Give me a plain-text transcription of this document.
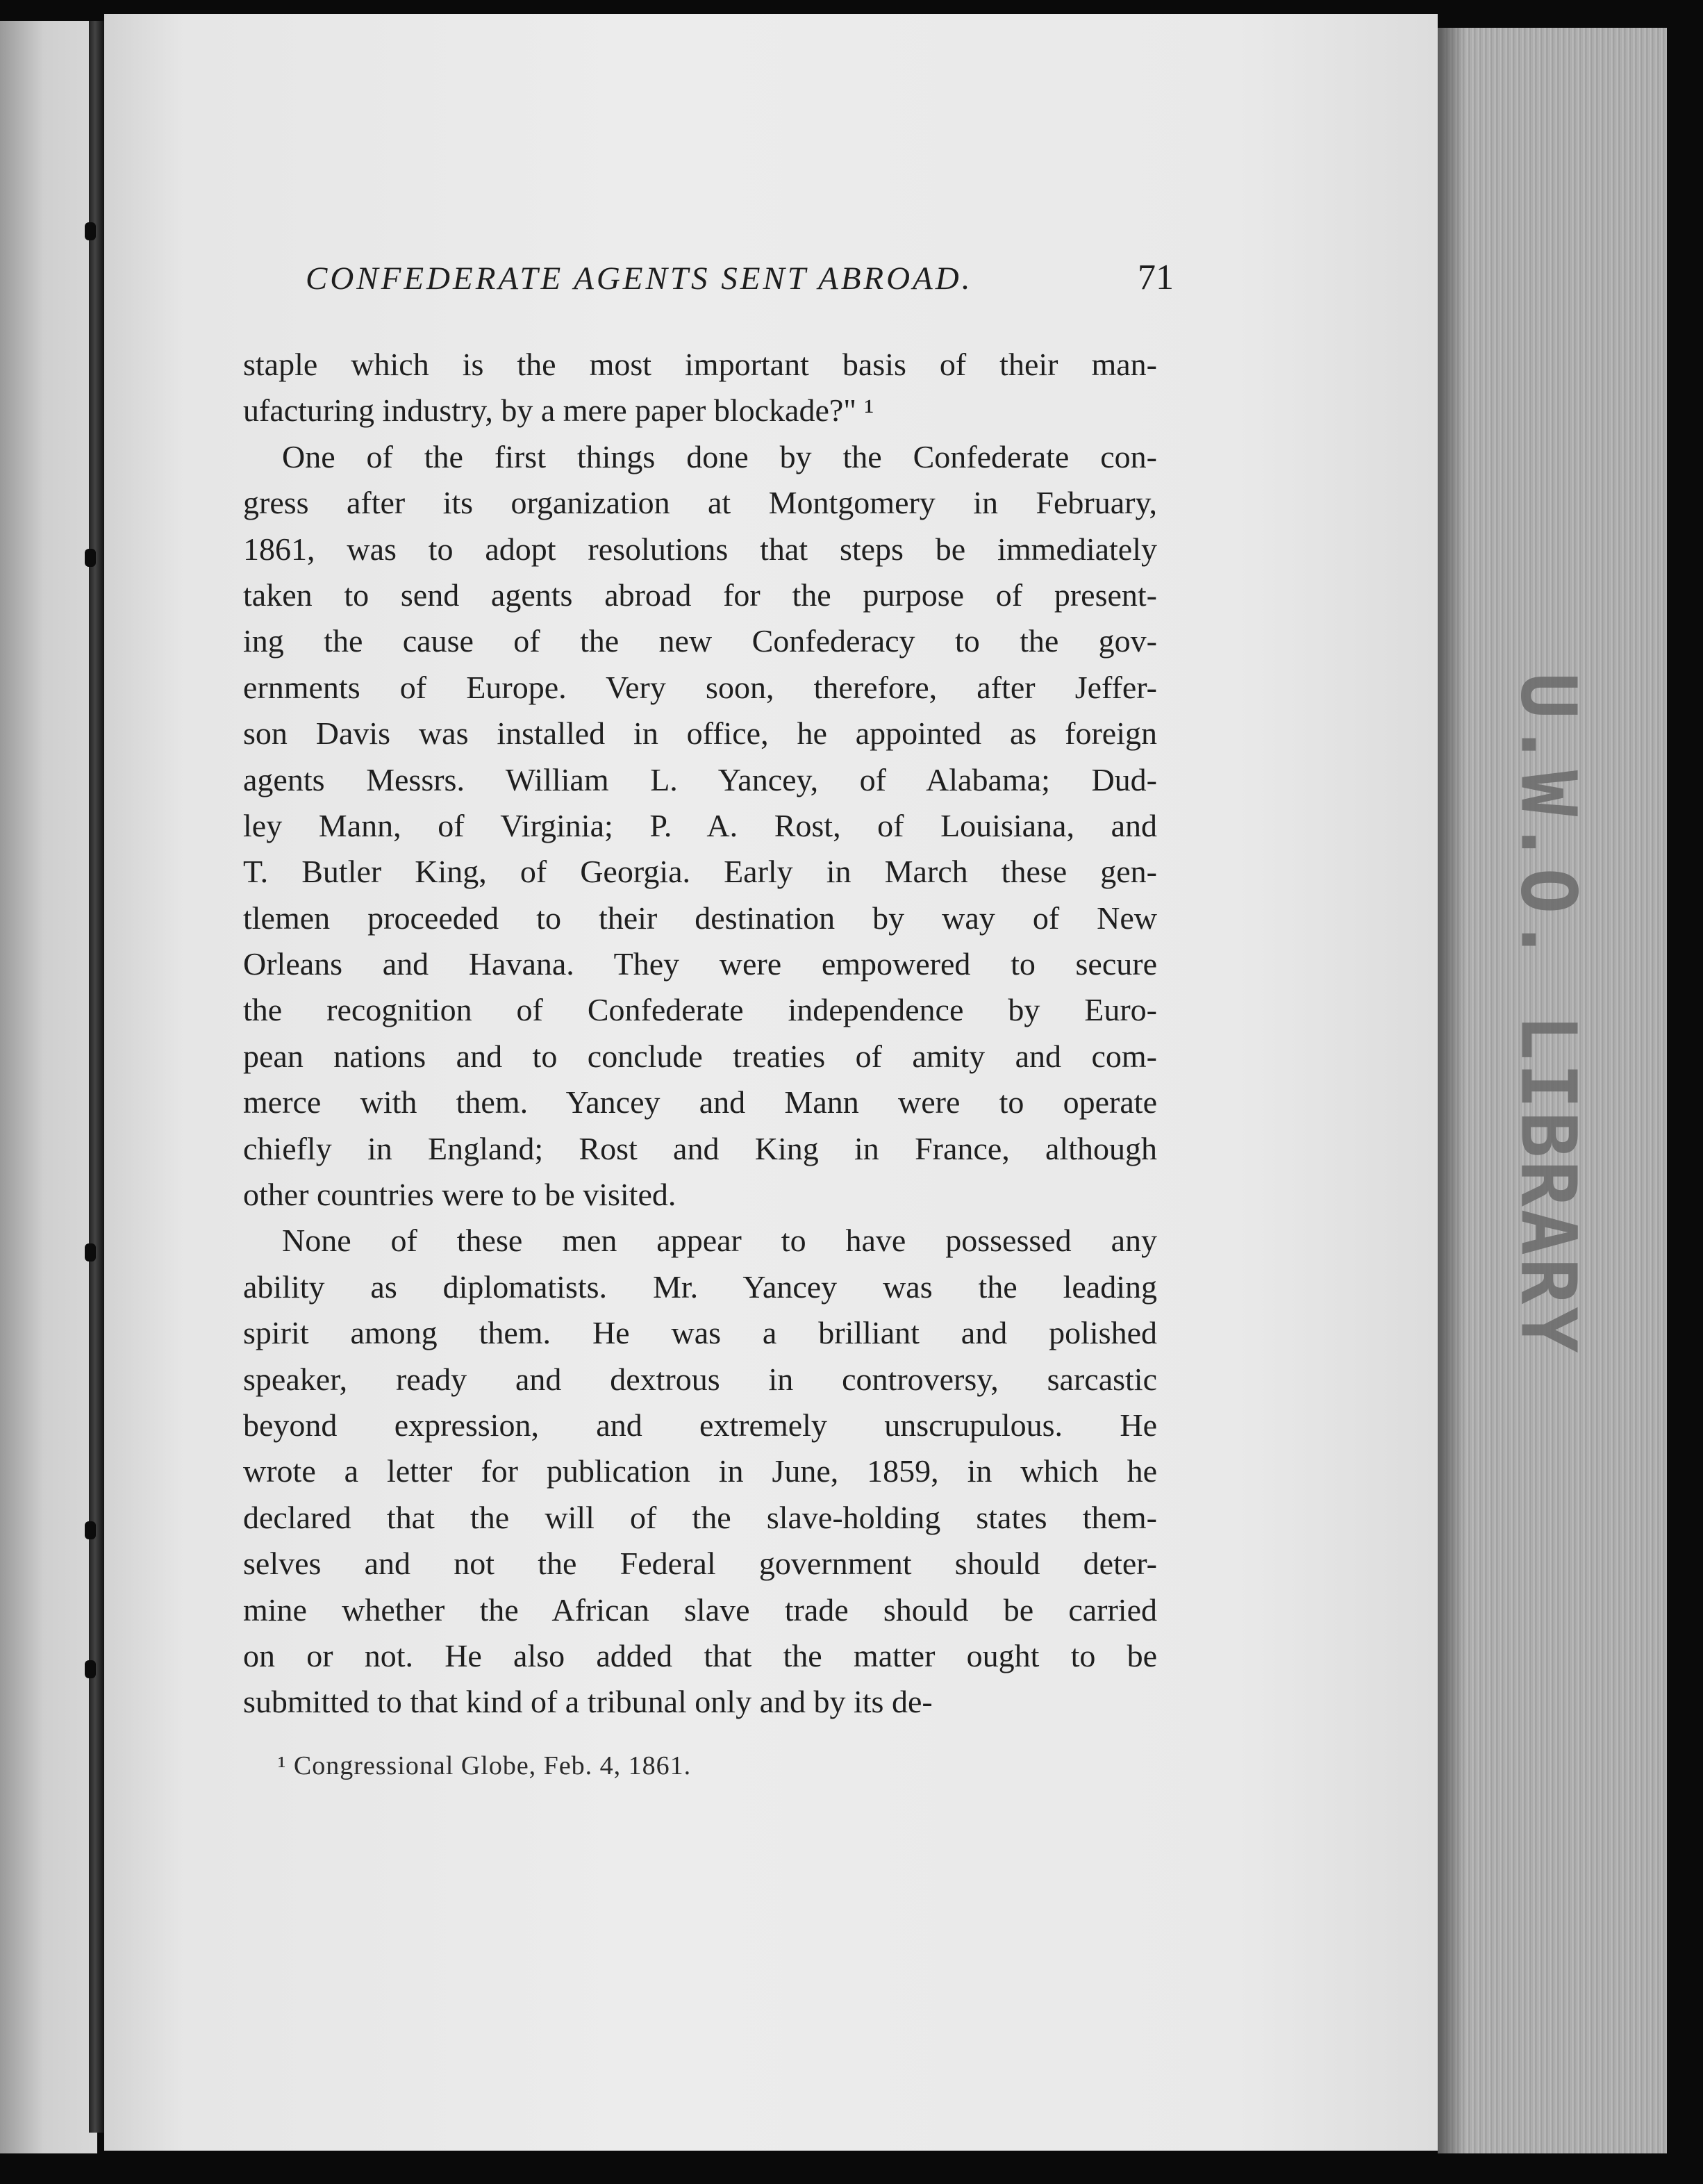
U.W.O. LIBRARY
CONFEDERATE AGENTS SENT ABROAD.	71
staple which is the most important basis of their man-
ufacturing industry, by a mere paper blockade?" ¹
One of the first things done by the Confederate con-
gress after its organization at Montgomery in February,
1861, was to adopt resolutions that steps be immediately
taken to send agents abroad for the purpose of present-
ing the cause of the new Confederacy to the gov-
ernments of Europe. Very soon, therefore, after Jeffer-
son Davis was installed in office, he appointed as foreign
agents Messrs. William L. Yancey, of Alabama; Dud-
ley Mann, of Virginia; P. A. Rost, of Louisiana, and
T. Butler King, of Georgia. Early in March these gen-
tlemen proceeded to their destination by way of New
Orleans and Havana. They were empowered to secure
the recognition of Confederate independence by Euro-
pean nations and to conclude treaties of amity and com-
merce with them. Yancey and Mann were to operate
chiefly in England; Rost and King in France, although
other countries were to be visited.
None of these men appear to have possessed any
ability as diplomatists. Mr. Yancey was the leading
spirit among them. He was a brilliant and polished
speaker, ready and dextrous in controversy, sarcastic
beyond expression, and extremely unscrupulous. He
wrote a letter for publication in June, 1859, in which he
declared that the will of the slave-holding states them-
selves and not the Federal government should deter-
mine whether the African slave trade should be carried
on or not. He also added that the matter ought to be
submitted to that kind of a tribunal only and by its de-
¹ Congressional Globe, Feb. 4, 1861.
